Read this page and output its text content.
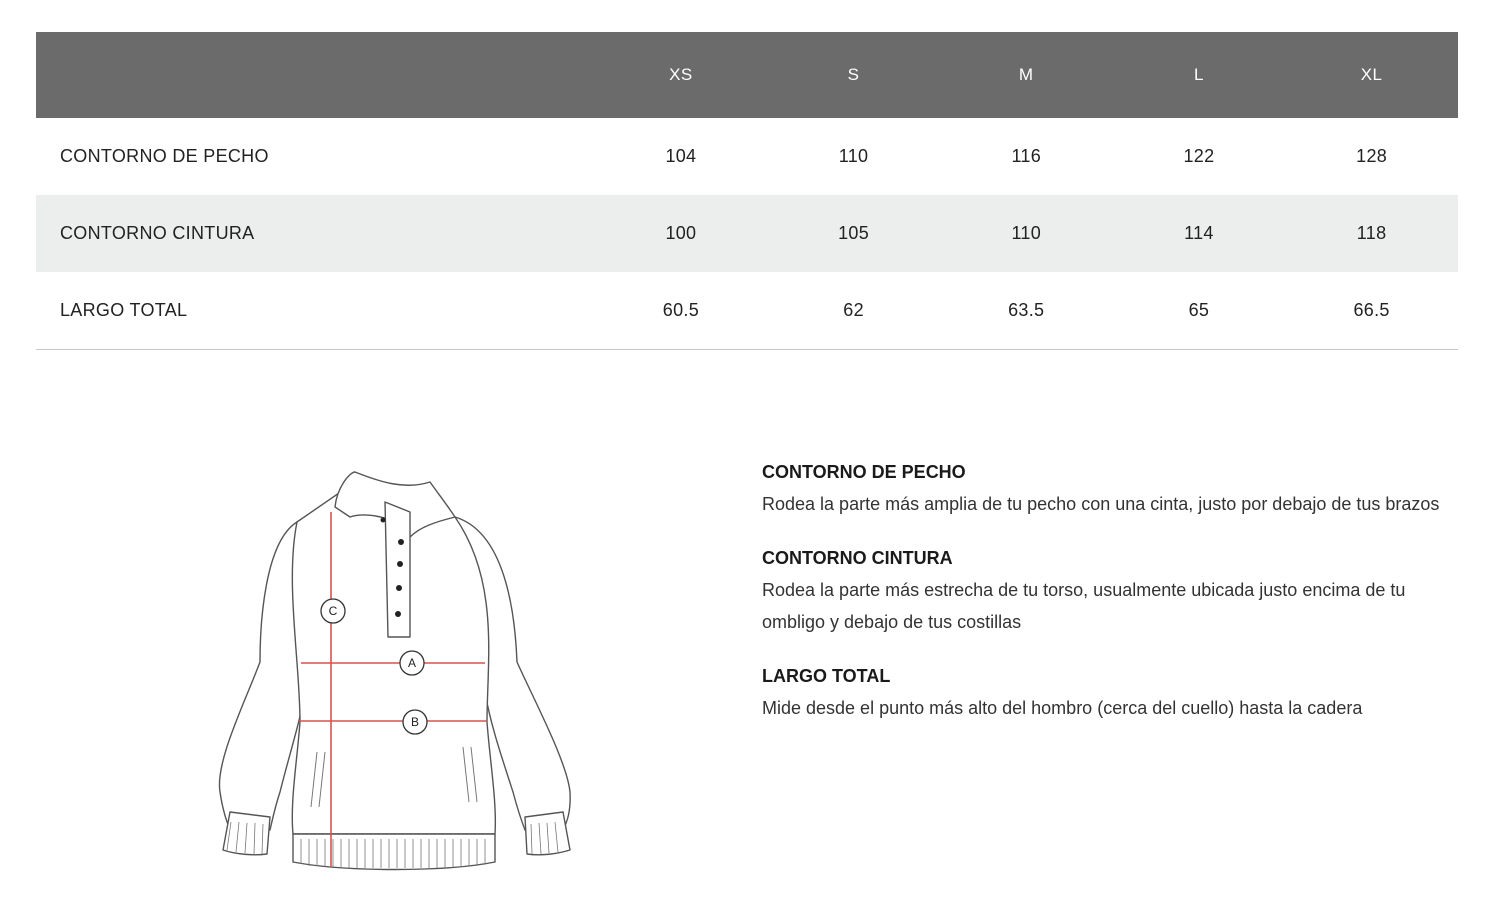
	XS	S	M	L	XL
CONTORNO DE PECHO	104	110	116	122	128
CONTORNO CINTURA	100	105	110	114	118
LARGO TOTAL	60.5	62	63.5	65	66.5
C
A
B
CONTORNO DE PECHO
Rodea la parte más amplia de tu pecho con una cinta, justo por debajo de tus brazos
CONTORNO CINTURA
Rodea la parte más estrecha de tu torso, usualmente ubicada justo encima de tu ombligo y debajo de tus costillas
LARGO TOTAL
Mide desde el punto más alto del hombro (cerca del cuello) hasta la cadera
